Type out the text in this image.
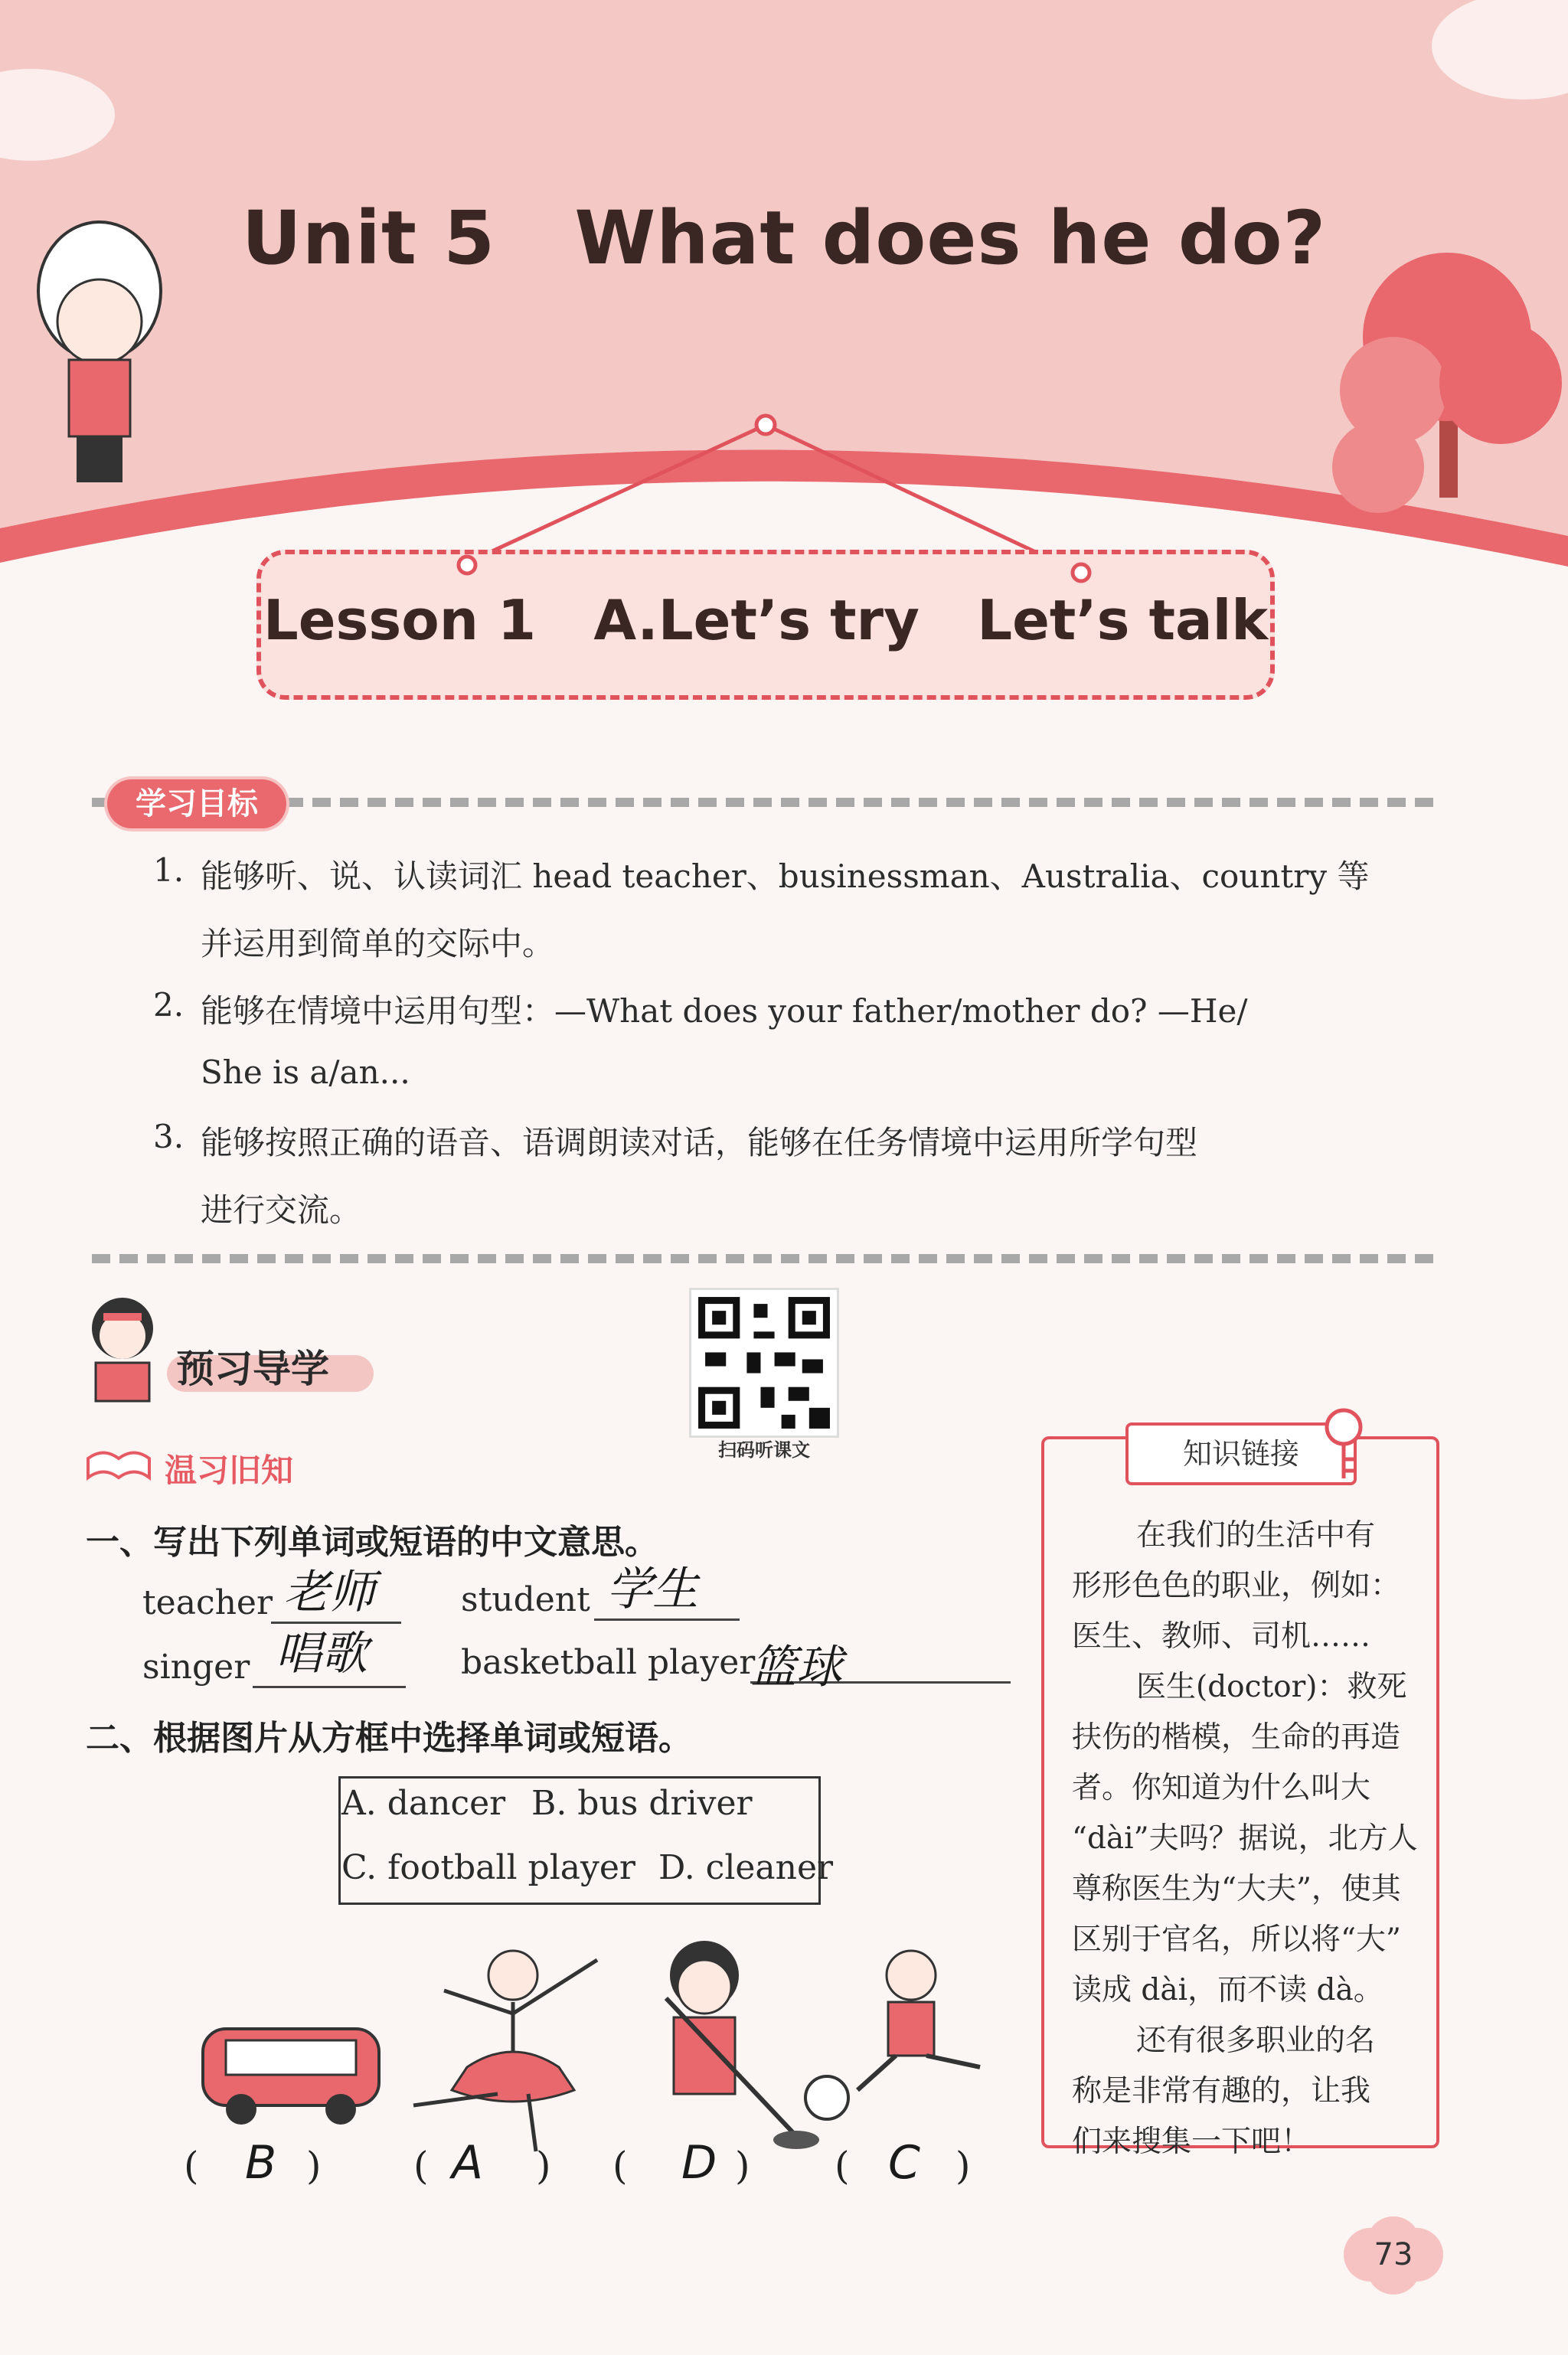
Unit 5   What does he do?
Lesson 1   A.Let’s try   Let’s talk
学习目标
1. 能够听、说、认读词汇 head teacher、businessman、Australia、country 等
并运用到简单的交际中。
2. 能够在情境中运用句型：—What does your father/mother do? —He/
She is a/an...
3. 能够按照正确的语音、语调朗读对话，能够在任务情境中运用所学句型
进行交流。
预习导学
扫码听课文
温习旧知
一、写出下列单词或短语的中文意思。
teacher 老师	student 学生
singer 唱歌	basketball player
篮球
二、根据图片从方框中选择单词或短语。
A. dancer B. bus driver
C. football player D. cleaner
( B ) ( A ) ( D ) ( C )
知识链接
在我们的生活中有
形形色色的职业，例如：
医生、教师、司机……
医生(doctor)：救死
扶伤的楷模，生命的再造
者。你知道为什么叫大
“dài”夫吗？据说，北方人
尊称医生为“大夫”，使其
区别于官名，所以将“大”
读成 dài，而不读 dà。
还有很多职业的名
称是非常有趣的，让我
们来搜集一下吧！
73
